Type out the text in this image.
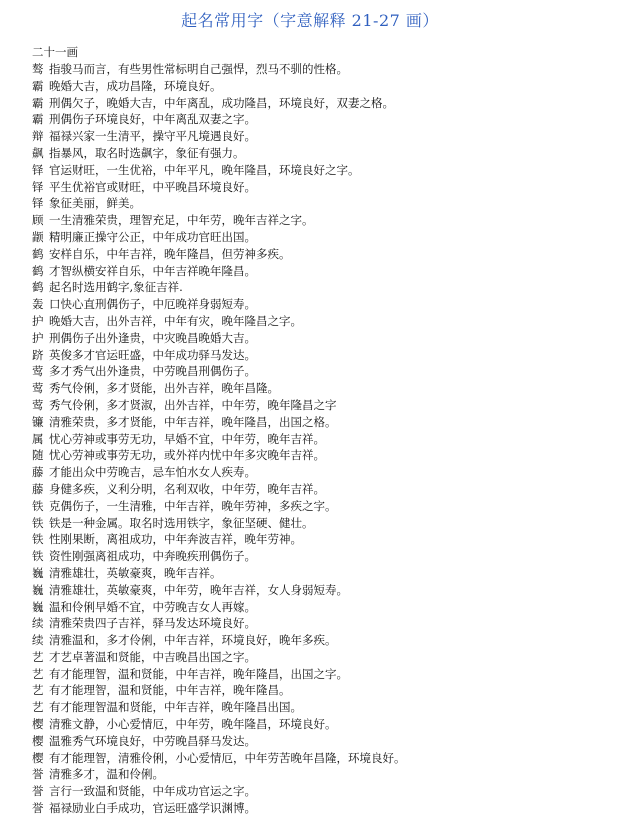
起名常用字（字意解释 21-27 画）
二十一画
骜 指骏马而言，有些男性常标明自己强悍，烈马不驯的性格。
霸 晚婚大吉，成功昌隆，环境良好。
霸 刑偶欠子，晚婚大吉，中年离乱，成功隆昌，环境良好，双妻之格。
霸 刑偶伤子环境良好，中年离乱双妻之字。
辩 福禄兴家一生清平，操守平凡境遇良好。
飙 指暴风，取名时选飙字，象征有强力。
铎 官运财旺，一生优裕，中年平凡，晚年隆昌，环境良好之字。
铎 平生优裕官或财旺，中平晚昌环境良好。
铎 象征美丽，鲜美。
顾 一生清雅荣贵，理智充足，中年劳，晚年吉祥之字。
颛 精明廉正操守公正，中年成功官旺出国。
鹤 安样自乐，中年吉祥，晚年隆昌，但劳神多疾。
鹤 才智纵横安祥自乐，中年吉祥晚年隆昌。
鹤 起名时选用鹤字,象征吉祥.
轰 口快心直刑偶伤子，中厄晚祥身弱短寿。
护 晚婚大吉，出外吉祥，中年有灾，晚年隆昌之字。
护 刑偶伤子出外逢贵，中灾晚昌晚婚大吉。
跻 英俊多才官运旺盛，中年成功驿马发达。
莺 多才秀气出外逢贵，中劳晚昌刑偶伤子。
莺 秀气伶俐，多才贤能，出外吉祥，晚年昌隆。
莺 秀气伶俐，多才贤淑，出外吉祥，中年劳，晚年隆昌之字
镰 清雅荣贵，多才贤能，中年吉祥，晚年隆昌，出国之格。
属 忧心劳神或事劳无功，早婚不宜，中年劳，晚年吉祥。
随 忧心劳神或事劳无功，或外祥内忧中年多灾晚年吉祥。
藤 才能出众中劳晚吉，忌车怕水女人疾寿。
藤 身健多疾，义利分明，名利双收，中年劳，晚年吉祥。
铁 克偶伤子，一生清雅，中年吉祥，晚年劳神，多疾之字。
铁 铁是一种金属。取名时选用铁字，象征坚硬、健壮。
铁 性刚果断，离祖成功，中年奔波吉祥，晚年劳神。
铁 资性刚强离祖成功，中奔晚疾刑偶伤子。
巍 清雅雄壮，英敏豪爽，晚年吉祥。
巍 清雅雄壮，英敏豪爽，中年劳，晚年吉祥，女人身弱短寿。
巍 温和伶俐早婚不宜，中劳晚吉女人再嫁。
续 清雅荣贵四子吉祥，驿马发达环境良好。
续 清雅温和，多才伶俐，中年吉祥，环境良好，晚年多疾。
艺 才艺卓著温和贤能，中吉晚昌出国之字。
艺 有才能理智，温和贤能，中年吉祥，晚年隆昌，出国之字。
艺 有才能理智，温和贤能，中年吉祥，晚年隆昌。
艺 有才能理智温和贤能，中年吉祥，晚年隆昌出国。
樱 清雅文静，小心爱情厄，中年劳，晚年隆昌，环境良好。
樱 温雅秀气环境良好，中劳晚昌驿马发达。
樱 有才能理智，清雅伶俐，小心爱情厄，中年劳苦晚年昌隆，环境良好。
誉 清雅多才，温和伶俐。
誉 言行一致温和贤能，中年成功官运之字。
誉 福禄励业白手成功，官运旺盛学识渊博。
